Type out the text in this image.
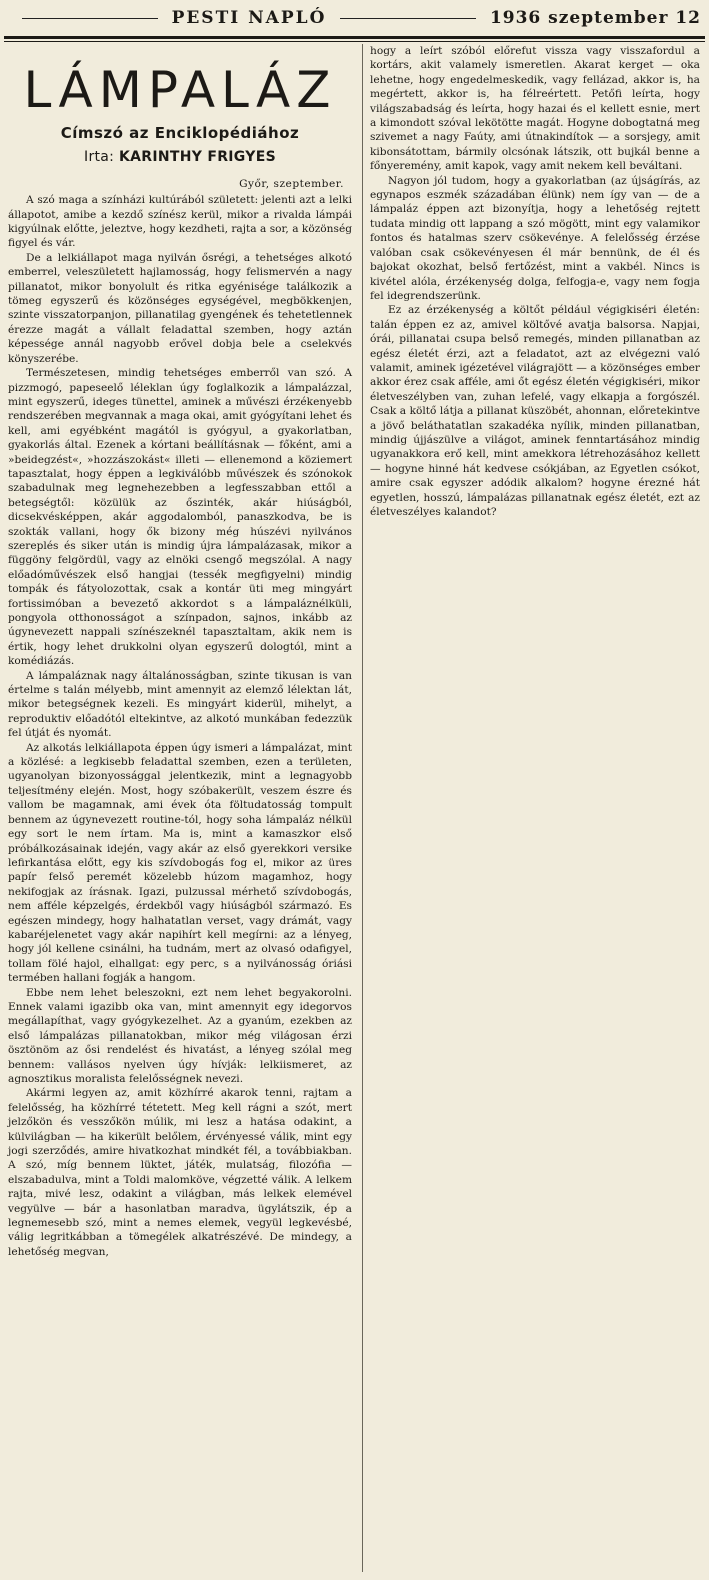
PESTI NAPLÓ	1936 szeptember 12
LÁMPALÁZ
Címszó az Enciklopédiához
Irta: KARINTHY FRIGYES
Győr, szeptember.

A szó maga a színházi kultúrából született: jelenti azt a lelki állapotot, amibe a kezdő színész kerül, mikor a rivalda lámpái kigyúlnak előtte, jeleztve, hogy kezdheti, rajta a sor, a közönség figyel és vár.

De a lelkiállapot maga nyilván ősrégi, a tehetséges alkotó emberrel, veleszületett hajlamosság, hogy felismervén a nagy pillanatot, mikor bonyolult és ritka egyénisége találkozik a tömeg egyszerű és közönséges egységével, megbökkenjen, szinte visszatorpanjon, pillanatilag gyengének és tehetetlennek érezze magát a vállalt feladattal szemben, hogy aztán képessége annál nagyobb erővel dobja bele a cselekvés könyszerébe.

Természetesen, mindig tehetséges emberről van szó. A pizzmogó, papeseelő léleklan úgy foglalkozik a lámpalázzal, mint egyszerű, ideges tünettel, aminek a művészi érzékenyebb rendszerében megvannak a maga okai, amit gyógyítani lehet és kell, ami egyébként magától is gyógyul, a gyakorlatban, gyakorlás által. Ezenek a kórtani beállításnak — főként, ami a »beidegzést«, »hozzászokást« illeti — ellenemond a köziemert tapasztalat, hogy éppen a legkiválóbb művészek és szónokok szabadulnak meg legnehezebben a legfesszabban ettől a betegségtől: közülük az őszinték, akár hiúságból, dicsekvésképpen, akár aggodalomból, panaszkodva, be is szokták vallani, hogy ők bizony még húszévi nyilvános szereplés és siker után is mindig újra lámpalázasak, mikor a függöny felgördül, vagy az elnöki csengő megszólal. A nagy előadóművészek első hangjai (tessék megfigyelni) mindig tompák és fátyolozottak, csak a kontár üti meg mingyárt fortissimóban a bevezető akkordot s a lámpaláznélküli, pongyola otthonosságot a színpadon, sajnos, inkább az úgynevezett nappali színészeknél tapasztaltam, akik nem is értik, hogy lehet drukkolni olyan egyszerű dologtól, mint a komédiázás.

A lámpaláznak nagy általánosságban, szinte tikusan is van értelme s talán mélyebb, mint amennyit az elemző lélektan lát, mikor betegségnek kezeli. Es mingyárt kiderül, mihelyt, a reproduktiv előadótól eltekintve, az alkotó munkában fedezzük fel útját és nyomát.

Az alkotás lelkiállapota éppen úgy ismeri a lámpalázat, mint a közlésé: a legkisebb feladattal szemben, ezen a területen, ugyanolyan bizonyossággal jelentkezik, mint a legnagyobb teljesítmény elején. Most, hogy szóbakerült, veszem észre és vallom be magamnak, ami évek óta föltudatosság tompult bennem az úgynevezett routine-tól, hogy soha lámpaláz nélkül egy sort le nem írtam. Ma is, mint a kamaszkor első próbálkozásainak idején, vagy akár az első gyerekkori versike lefirkantása előtt, egy kis szívdobogás fog el, mikor az üres papír felső peremét közelebb húzom magamhoz, hogy nekifogjak az írásnak. Igazi, pulzussal mérhető szívdobogás, nem afféle képzelgés, érdekből vagy hiúságból származó. Es egészen mindegy, hogy halhatatlan verset, vagy drámát, vagy kabaréjelenetet vagy akár napihírt kell megírni: az a lényeg, hogy jól kellene csinálni, ha tudnám, mert az olvasó odafigyel, tollam fölé hajol, elhallgat: egy perc, s a nyilvánosság óriási termében hallani fogják a hangom.

Ebbe nem lehet beleszokni, ezt nem lehet begyakorolni. Ennek valami igazibb oka van, mint amennyit egy idegorvos megállapíthat, vagy gyógykezelhet. Az a gyanúm, ezekben az első lámpalázas pillanatokban, mikor még világosan érzi ösztönöm az ősi rendelést és hivatást, a lényeg szólal meg bennem: vallásos nyelven úgy hívják: lelkiismeret, az agnosztikus moralista felelősségnek nevezi.

Akármi legyen az, amit közhírré akarok tenni, rajtam a felelősség, ha közhírré tétetett. Meg kell rágni a szót, mert jelzőkön és vesszőkön múlik, mi lesz a hatása odakint, a külvilágban — ha kikerült belőlem, érvényessé válik, mint egy jogi szerződés, amire hivatkozhat mindkét fél, a továbbiakban. A szó, míg bennem lüktet, játék, mulatság, filozófia — elszabadulva, mint a Toldi malomköve, végzetté válik. A lelkem rajta, mivé lesz, odakint a világban, más lelkek elemével vegyülve — bár a hasonlatban maradva, ügylátszik, ép a legnemesebb szó, mint a nemes elemek, vegyül legkevésbé, válig legritkábban a tömegélek alkatrészévé. De mindegy, a lehetőség megvan,

hogy a leírt szóból előrefut vissza vagy visszafordul a kortárs, akit valamely ismeretlen. Akarat kerget — oka lehetne, hogy engedelmeskedik, vagy fellázad, akkor is, ha megértett, akkor is, ha félreértett. Petőfi leírta, hogy világszabadság és leírta, hogy hazai és el kellett esnie, mert a kimondott szóval lekötötte magát. Hogyne dobogtatná meg szivemet a nagy Faúty, ami útnakindítok — a sorsjegy, amit kibonsátottam, bármily olcsónak látszik, ott bujkál benne a főnyeremény, amit kapok, vagy amit nekem kell beváltani.

Nagyon jól tudom, hogy a gyakorlatban (az újságírás, az egynapos eszmék századában élünk) nem így van — de a lámpaláz éppen azt bizonyítja, hogy a lehetőség rejtett tudata mindig ott lappang a szó mögött, mint egy valamikor fontos és hatalmas szerv csökevénye. A felelősség érzése valóban csak csökevényesen él már bennünk, de él és bajokat okozhat, belső fertőzést, mint a vakbél. Nincs is kivétel alóla, érzékenység dolga, felfogja-e, vagy nem fogja fel idegrendszerünk.

Ez az érzékenység a költőt például végigkiséri életén: talán éppen ez az, amivel költővé avatja balsorsa. Napjai, órái, pillanatai csupa belső remegés, minden pillanatban az egész életét érzi, azt a feladatot, azt az elvégezni való valamit, aminek igézetével világrajött — a közönséges ember akkor érez csak afféle, ami őt egész életén végigkiséri, mikor életveszélyben van, zuhan lefelé, vagy elkapja a forgószél. Csak a költő látja a pillanat küszöbét, ahonnan, előretekintve a jövő beláthatatlan szakadéka nyílik, minden pillanatban, mindig újjászülve a világot, aminek fenntartásához mindig ugyanakkora erő kell, mint amekkora létrehozásához kellett — hogyne hinné hát kedvese csókjában, az Egyetlen csókot, amire csak egyszer adódik alkalom? hogyne érezné hát egyetlen, hosszú, lámpalázas pillanatnak egész életét, ezt az életveszélyes kalandot?
